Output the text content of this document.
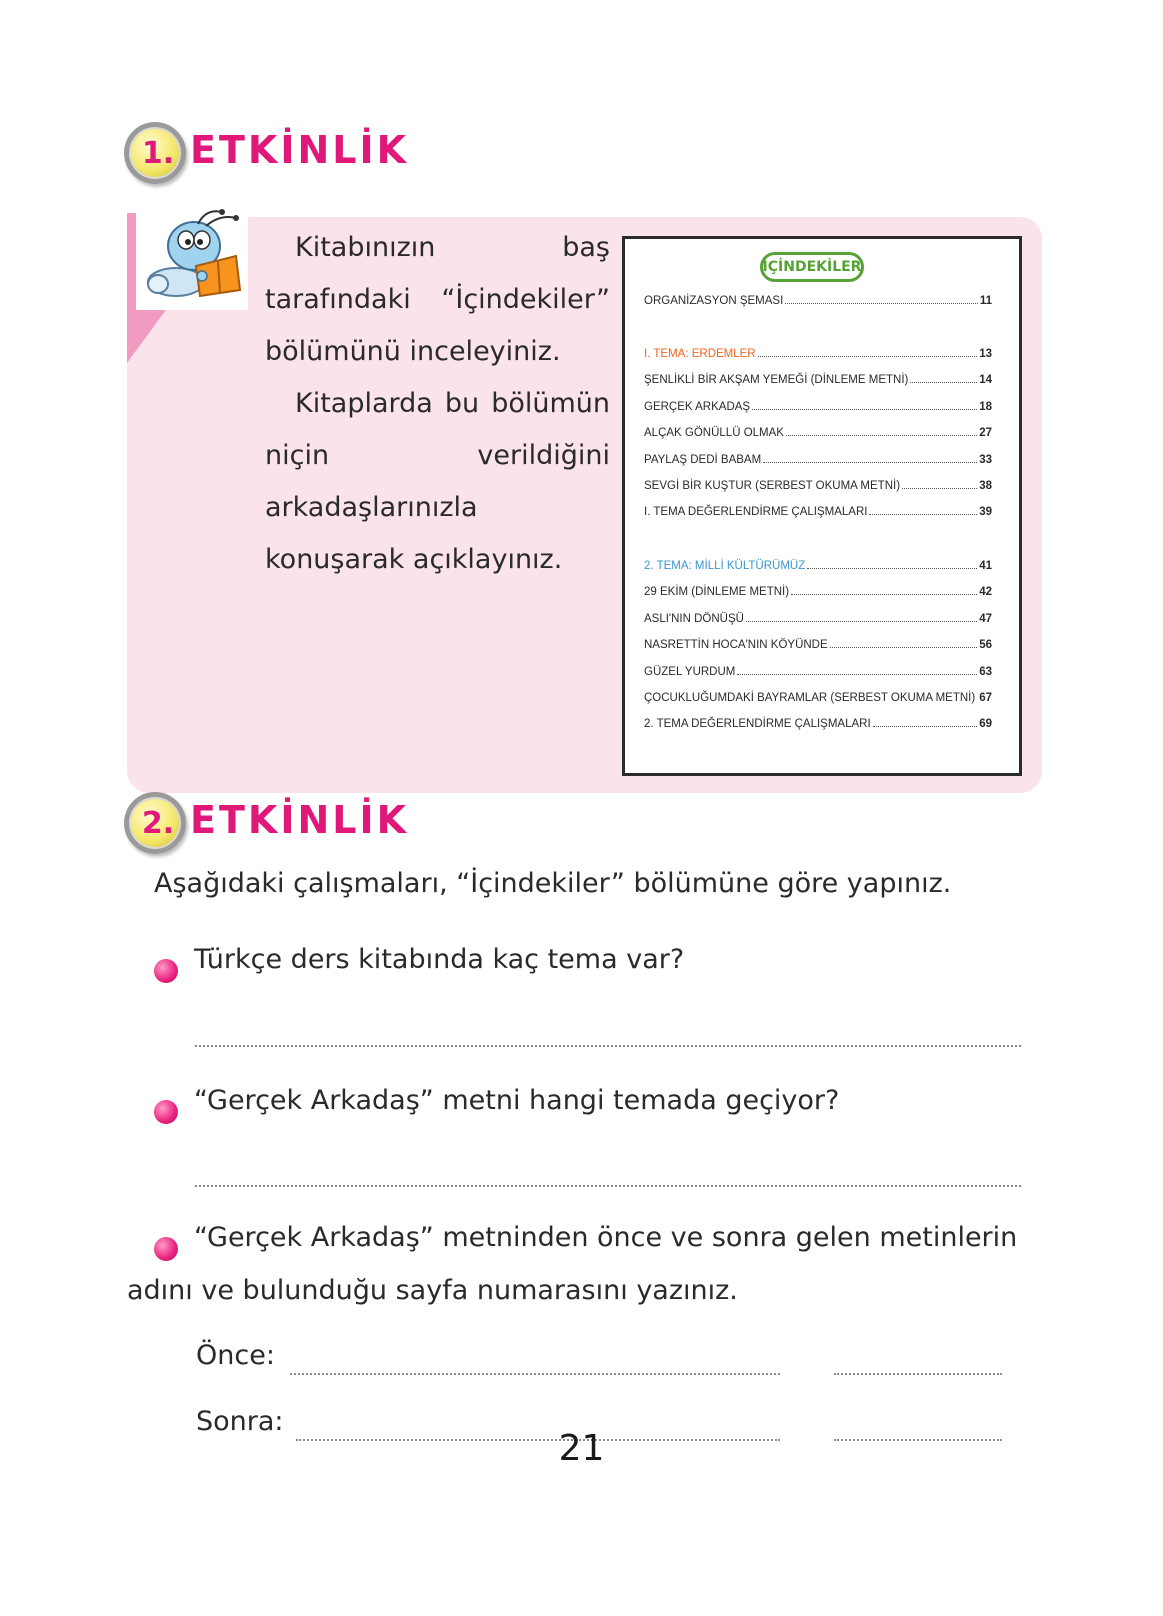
1. ETKİNLİK

Kitabınızın baş tarafındaki “İçindekiler” bölümünü inceleyiniz.

Kitaplarda bu bölümün niçin verildiğini arkadaşlarınızla konuşarak açıklayınız.

İÇİNDEKİLER
ORGANİZASYON ŞEMASI	11
I. TEMA: ERDEMLER	13
ŞENLİKLİ BİR AKŞAM YEMEĞİ (DİNLEME METNİ)	14
GERÇEK ARKADAŞ	18
ALÇAK GÖNÜLLÜ OLMAK	27
PAYLAŞ DEDİ BABAM	33
SEVGİ BİR KUŞTUR (SERBEST OKUMA METNİ)	38
I. TEMA DEĞERLENDİRME ÇALIŞMALARI	39
2. TEMA: MİLLİ KÜLTÜRÜMÜZ	41
29 EKİM (DİNLEME METNİ)	42
ASLI'NIN DÖNÜŞÜ	47
NASRETTİN HOCA'NIN KÖYÜNDE	56
GÜZEL YURDUM	63
ÇOCUKLUĞUMDAKİ BAYRAMLAR (SERBEST OKUMA METNİ) 67
2. TEMA DEĞERLENDİRME ÇALIŞMALARI	69
2. ETKİNLİK
Aşağıdaki çalışmaları, “İçindekiler” bölümüne göre yapınız.
Türkçe ders kitabında kaç tema var?
“Gerçek Arkadaş” metni hangi temada geçiyor?
“Gerçek Arkadaş” metninden önce ve sonra gelen metinlerin
adını ve bulunduğu sayfa numarasını yazınız.
Önce:
Sonra:
21
